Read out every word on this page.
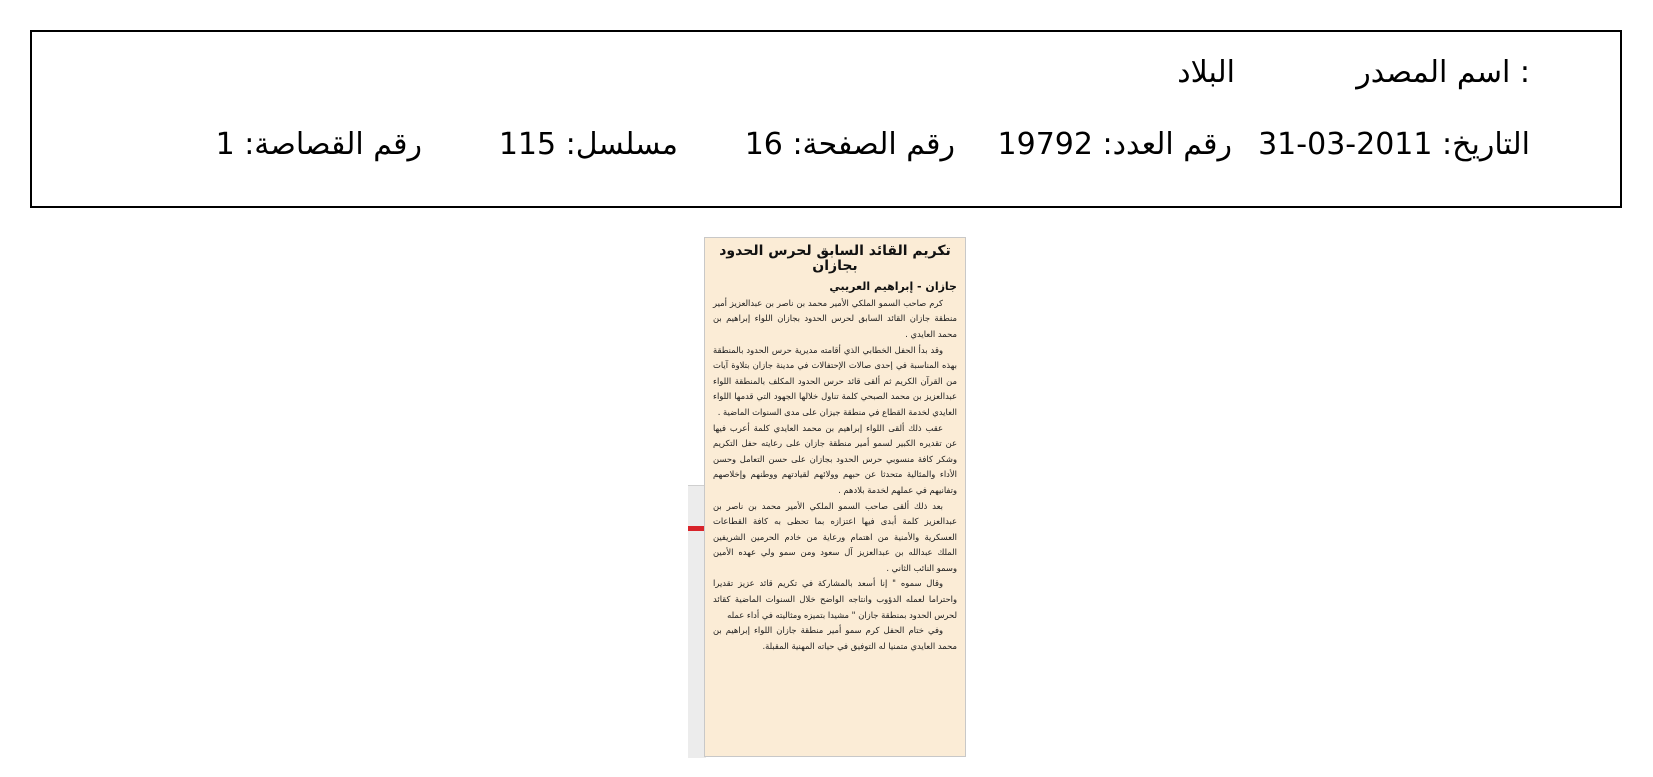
اسم المصدر :
البلاد
التاريخ: 2011-03-31
رقم العدد: 19792
رقم الصفحة: 16
مسلسل: 115
رقم القصاصة: 1
تكريم القائد السابق لحرس الحدود بجازان
جازان - إبراهيم العريبي

كرم صاحب السمو الملكي الأمير محمد بن ناصر بن عبدالعزيز أمير منطقة جازان القائد السابق لحرس الحدود بجازان اللواء إبراهيم بن محمد العايدي .

وقد بدأ الحفل الخطابي الذي أقامته مديرية حرس الحدود بالمنطقة بهذه المناسبة في إحدى صالات الإحتفالات في مدينة جازان بتلاوة آيات من القرآن الكريم ثم ألقى قائد حرس الحدود المكلف بالمنطقة اللواء عبدالعزيز بن محمد الصبحي كلمة تناول خلالها الجهود التي قدمها اللواء العايدي لخدمة القطاع في منطقة جيزان على مدى السنوات الماضية .

عقب ذلك ألقى اللواء إبراهيم بن محمد العايدي كلمة أعرب فيها عن تقديره الكبير لسمو أمير منطقة جازان على رعايته حفل التكريم وشكر كافة منسوبي حرس الحدود بجازان على حسن التعامل وحسن الأداء والمثالية متحدثا عن حبهم وولائهم لقيادتهم ووطنهم وإخلاصهم وتفانيهم في عملهم لخدمة بلادهم .

بعد ذلك ألقى صاحب السمو الملكي الأمير محمد بن ناصر بن عبدالعزيز كلمة أبدى فيها اعتزازه بما تحظى به كافة القطاعات العسكرية والأمنية من اهتمام ورعاية من خادم الحرمين الشريفين الملك عبدالله بن عبدالعزيز آل سعود ومن سمو ولي عهده الأمين وسمو النائب الثاني .

وقال سموه " إنا أسعد بالمشاركة في تكريم قائد عزيز تقديرا واحتراما لعمله الدؤوب وانتاجه الواضح خلال السنوات الماضية كقائد لحرس الحدود بمنطقة جازان " مشيدا بتميزه ومثاليته في أداء عمله

وفي ختام الحفل كرم سمو أمير منطقة جازان اللواء إبراهيم بن محمد العايدي متمنيا له التوفيق في حياته المهنية المقبلة.
